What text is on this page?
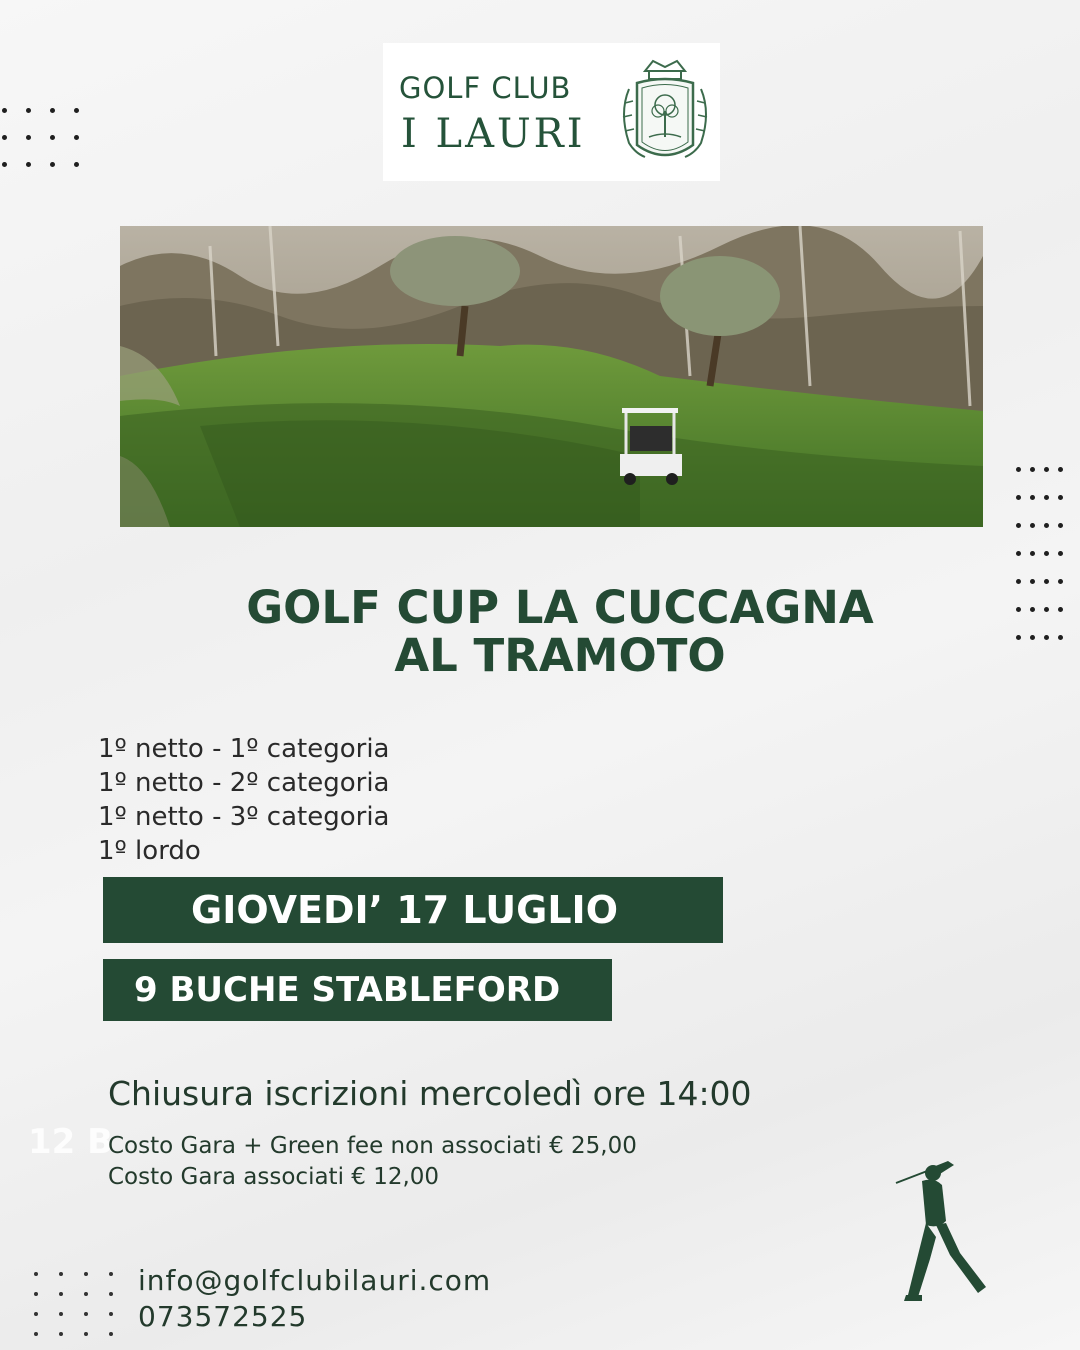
GOLF CLUB
I LAURI
GOLF CUP LA CUCCAGNA
AL TRAMOTO
1º netto - 1º categoria
1º netto - 2º categoria
1º netto - 3º categoria
1º lordo
GIOVEDI’ 17 LUGLIO
9 BUCHE STABLEFORD
12 B
Chiusura iscrizioni mercoledì ore 14:00
Costo Gara + Green fee non associati € 25,00
Costo Gara associati € 12,00
info@golfclubilauri.com
073572525
